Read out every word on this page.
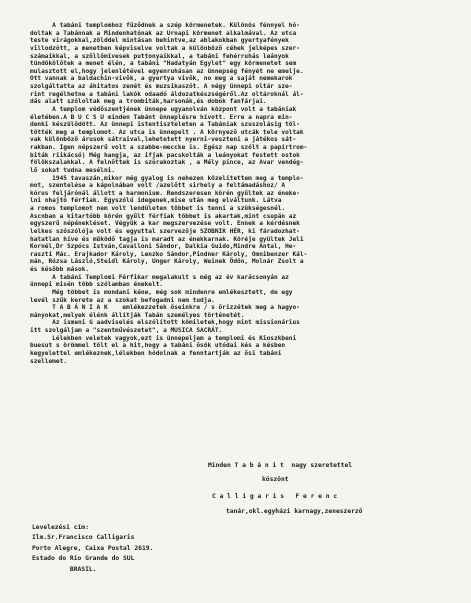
A tabáni templomhoz fűződnek a szép körmenetek. Különös fénnyel hó-
doltak a Tabánnak a Mindenhatónak az Urnapi körmenet alkalmával. Az utca
teste virágokkal,zölddel mintásan behintve,az ablakokban gyertyafények
villodzótt, a menetben képviselve voltak a különböző céhek jelképes szer-
számaikkal, a szőllőmívesek puttonyaikkal, a tabáni fehérruhás leányok
tündökölőtek a menet élén, a tabáni "Hadatyán Egylet" egy körmenetet sem
mulasztott el,hogy jelenlétével egyenruhásan az ünnepség fényét ne emelje.
Ott vannak a baldachin-vivők, a gyertya vivők, no meg a saját nemekarok
szolgáltatta az áhitatos zenét és muzsikaszót. A négy ünnepi oltár sze-
rint regélhetne a tabáni lakók odaadó áldozatkészségéről.Az oltároknál ál-
dás alatt szóloltak meg a trombiták,harsonák,és dobok fanfárjai.
A templom védőszentjének ünnepe ugyanolván központ volt a tabániak
életében.A B U C S U minden Tabánt ünneplésre hívott. Erre a napra min-
denki készülődött. Az ünnepi istentiszteleten a Tabániak szuszolásig töl-
tötték meg a templomot. Az utca is ünnepelt . A környező utcák tele voltak
vak különböző árusok sátraival,lehetetett nyerni-veszteni a játékos sát-
rakban. Igen népszerű volt a szabbe-meccke is. Egész nap szólt a papírtrom-
biták riikácsó) Még hangja, az ifjak pacskolták a leányokat festett ostok
fölökszalakkal. A felnőttek is szórakoztak , a Mély pince, az Avar vendég-
lő sokat tudna mesélni.
1945 tavaszán,mikor még gyalog is nehezen közelítettem meg a templo-
mot, szentelése a kápolnában volt /azelőtt sirhely a feltámadáshoz/ A
kórus feljárónál állott a harmonium. Rendszeresen körén gyűltek az éneke-
lni ohajtó férfiak. Egyszólú idegenek,mise után meg elváltunk. Látva
a romos templomot nem volt lendületen többet is tenni a szükségesnél.
Ascnban a kitartóbb körén gyűlt férfiak többet is akartak,mint csupán az
egyszerű népénekléset. Végyük a kar megszervezése volt. Ennek a kérdésnek
lelkes szószólója volt és egyuttal szervezője SZOBNIK HÉR, ki fáradozhat-
hatatlan híve és működő tagja is maradt az énekkarnak. Köréje gyültek Jeli
Kornél,Dr Szpócs István,Cavalloni Sándor, Dalkia Guido,Mindre Antal, He-
rasztí Mác. Erajkador Károly, Lenzko Sándor,Pindner Károly, Omnibenzer Kál-
mán, Rózsa László,Steidl Károly, Unger Károly, Weinek Ödön, Molnár Zsolt a
és később mások.
A tabáni Templomi Férfikar megalakult s még az év karácsonyán az
ünnepi misén több szólamban énekelt.
Még többet is mondani kéne, még sok mindenre emlékesztett, de egy
levél szűk kerete az a szokat befogadni nem tudja.
T A B Á N I A K    emlékezzetek őseinkre / s őrizzétek meg a hagyo-
mányokat,melyek élénk állítják Tabán személyes történetét.
Az ismeni G aadviselés elszólított kömiletek,hogy mint missionárius
itt szolgáljam a "szentművészetet", a MUSICA SACRÁT.
Lélekben veletek vagyok,ezt is ünnepeljem a templomi és Kioszkbeni
buesut s örömmel tölt el a hit,hogy a tabáni ősök utódai kés a késben
kegyelettel emlékeznek,lélekben hódolnak a fenntartják az ősi tabáni
szellemet.
Minden T a b á n i t  nagy szeretettel
köszönt
C a l l i g a r i s   F e r e n c
tanár,okl.egyházi karnagy,zeneszerző
Levelezési cím:
Ilm.Sr.Francisco Calligaris
Porto Alegre, Caixa Postal 2619.
Estado do Rio Grande do SUL
BRASIL.
